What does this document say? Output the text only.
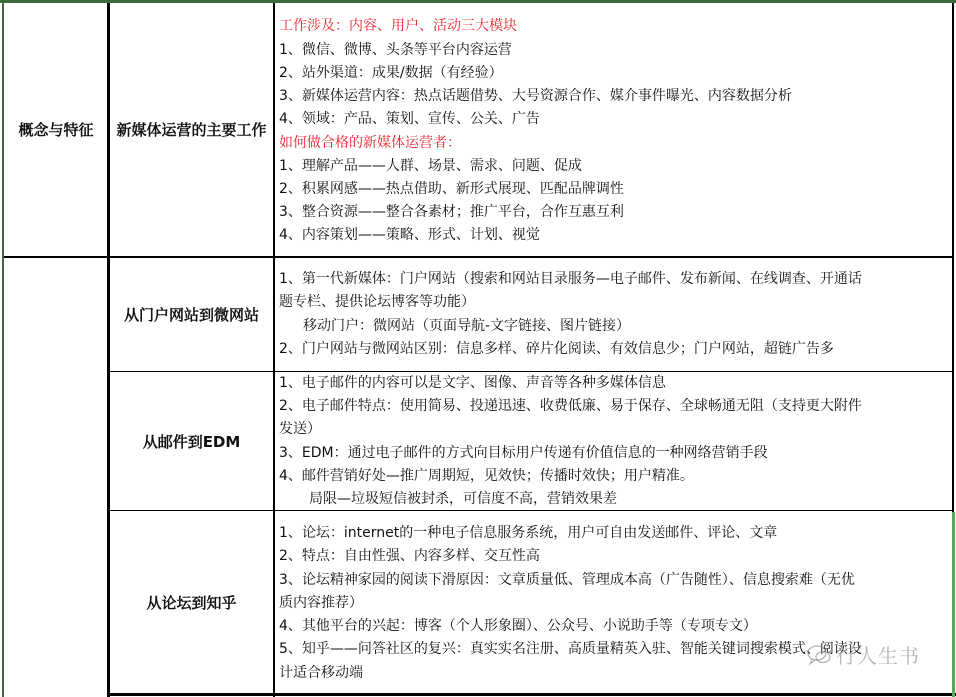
概念与特征 新媒体运营的主要工作
工作涉及：内容、用户、活动三大模块
1、微信、微博、头条等平台内容运营
2、站外渠道：成果/数据（有经验）
3、新媒体运营内容：热点话题借势、大号资源合作、媒介事件曝光、内容数据分析
4、领域：产品、策划、宣传、公关、广告
如何做合格的新媒体运营者：
1、理解产品——人群、场景、需求、问题、促成
2、积累网感——热点借助、新形式展现、匹配品牌调性
3、整合资源——整合各素材；推广平台，合作互惠互利
4、内容策划——策略、形式、计划、视觉
从门户网站到微网站
1、第一代新媒体：门户网站（搜索和网站目录服务—电子邮件、发布新闻、在线调查、开通话
题专栏、提供论坛博客等功能）
移动门户：微网站（页面导航-文字链接、图片链接）
2、门户网站与微网站区别：信息多样、碎片化阅读、有效信息少；门户网站，超链广告多
从邮件到EDM
1、电子邮件的内容可以是文字、图像、声音等各种多媒体信息
2、电子邮件特点：使用简易、投递迅速、收费低廉、易于保存、全球畅通无阻（支持更大附件
发送）
3、EDM：通过电子邮件的方式向目标用户传递有价值信息的一种网络营销手段
4、邮件营销好处—推广周期短，见效快；传播时效快；用户精准。
局限—垃圾短信被封杀，可信度不高，营销效果差
从论坛到知乎
1、论坛：internet的一种电子信息服务系统，用户可自由发送邮件、评论、文章
2、特点：自由性强、内容多样、交互性高
3、论坛精神家园的阅读下滑原因：文章质量低、管理成本高（广告随性）、信息搜索难（无优
质内容推荐）
4、其他平台的兴起：博客（个人形象圈）、公众号、小说助手等（专项专文）
5、知乎——问答社区的复兴：真实实名注册、高质量精英入驻、智能关键词搜索模式、阅读设
计适合移动端
行人生书
